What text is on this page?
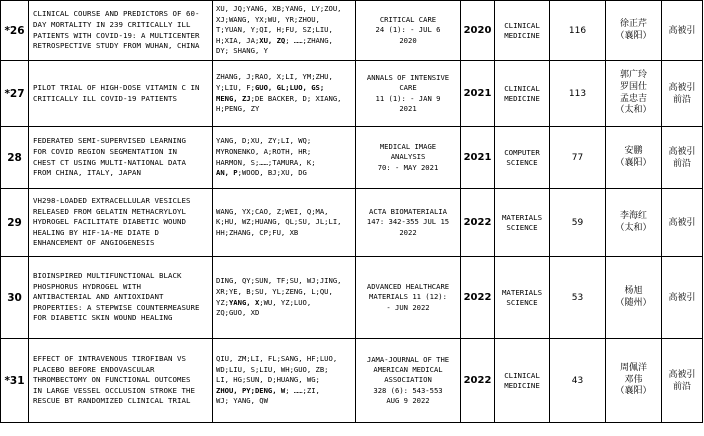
*26	CLINICAL COURSE AND PREDICTORS OF 60-
DAY MORTALITY IN 239 CRITICALLY ILL
PATIENTS WITH COVID-19: A MULTICENTER
RETROSPECTIVE STUDY FROM WUHAN, CHINA	XU, JQ;YANG, XB;YANG, LY;ZOU,
XJ;WANG, YX;WU, YR;ZHOU,
T;YUAN, Y;QI, H;FU, SZ;LIU,
H;XIA, JA;XU, ZQ; ……;ZHANG,
DY; SHANG, Y	CRITICAL CARE
24 (1): - JUL 6
2020	2020	CLINICAL
MEDICINE	116	徐正芹
（襄阳）	高被引

*27	PILOT TRIAL OF HIGH-DOSE VITAMIN C IN
CRITICALLY ILL COVID-19 PATIENTS	ZHANG, J;RAO, X;LI, YM;ZHU,
Y;LIU, F;GUO, GL;LUO, GS;
MENG, ZJ;DE BACKER, D; XIANG,
H;PENG, ZY	ANNALS OF INTENSIVE
CARE
11 (1): - JAN 9
2021	2021	CLINICAL
MEDICINE	113	郭广玲
罗国仕
孟忠吉
（太和）	高被引
前沿

28	FEDERATED SEMI-SUPERVISED LEARNING
FOR COVID REGION SEGMENTATION IN
CHEST CT USING MULTI-NATIONAL DATA
FROM CHINA, ITALY, JAPAN	YANG, D;XU, ZY;LI, WQ;
MYRONENKO, A;ROTH, HR;
HARMON, S;……;TAMURA, K;
AN, P;WOOD, BJ;XU, DG	MEDICAL IMAGE
ANALYSIS
70: - MAY 2021	2021	COMPUTER
SCIENCE	77	安鹏
（襄阳）	高被引
前沿

29	VH298-LOADED EXTRACELLULAR VESICLES
RELEASED FROM GELATIN METHACRYLOYL
HYDROGEL FACILITATE DIABETIC WOUND
HEALING BY HIF-1A-ME DIATE D
ENHANCEMENT OF ANGIOGENESIS	WANG, YX;CAO, Z;WEI, Q;MA,
K;HU, WZ;HUANG, QL;SU, JL;LI,
HH;ZHANG, CP;FU, XB	ACTA BIOMATERIALIA
147: 342-355 JUL 15
2022	2022	MATERIALS
SCIENCE	59	李海红
（太和）	高被引

30	BIOINSPIRED MULTIFUNCTIONAL BLACK
PHOSPHORUS HYDROGEL WITH
ANTIBACTERIAL AND ANTIOXIDANT
PROPERTIES: A STEPWISE COUNTERMEASURE
FOR DIABETIC SKIN WOUND HEALING	DING, QY;SUN, TF;SU, WJ;JING,
XR;YE, B;SU, YL;ZENG, L;QU,
YZ;YANG, X;WU, YZ;LUO,
ZQ;GUO, XD	ADVANCED HEALTHCARE
MATERIALS 11 (12):
- JUN 2022	2022	MATERIALS
SCIENCE	53	杨旭
（随州）	高被引

*31	EFFECT OF INTRAVENOUS TIROFIBAN VS
PLACEBO BEFORE ENDOVASCULAR
THROMBECTOMY ON FUNCTIONAL OUTCOMES
IN LARGE VESSEL OCCLUSION STROKE THE
RESCUE BT RANDOMIZED CLINICAL TRIAL	QIU, ZM;LI, FL;SANG, HF;LUO,
WD;LIU, S;LIU, WH;GUO, ZB;
LI, HG;SUN, D;HUANG, WG;
ZHOU, PY;DENG, W; ……;ZI,
WJ; YANG, QW	JAMA-JOURNAL OF THE
AMERICAN MEDICAL
ASSOCIATION
328 (6): 543-553
AUG 9 2022	2022	CLINICAL
MEDICINE	43	周佩洋
邓伟
（襄阳）	高被引
前沿
